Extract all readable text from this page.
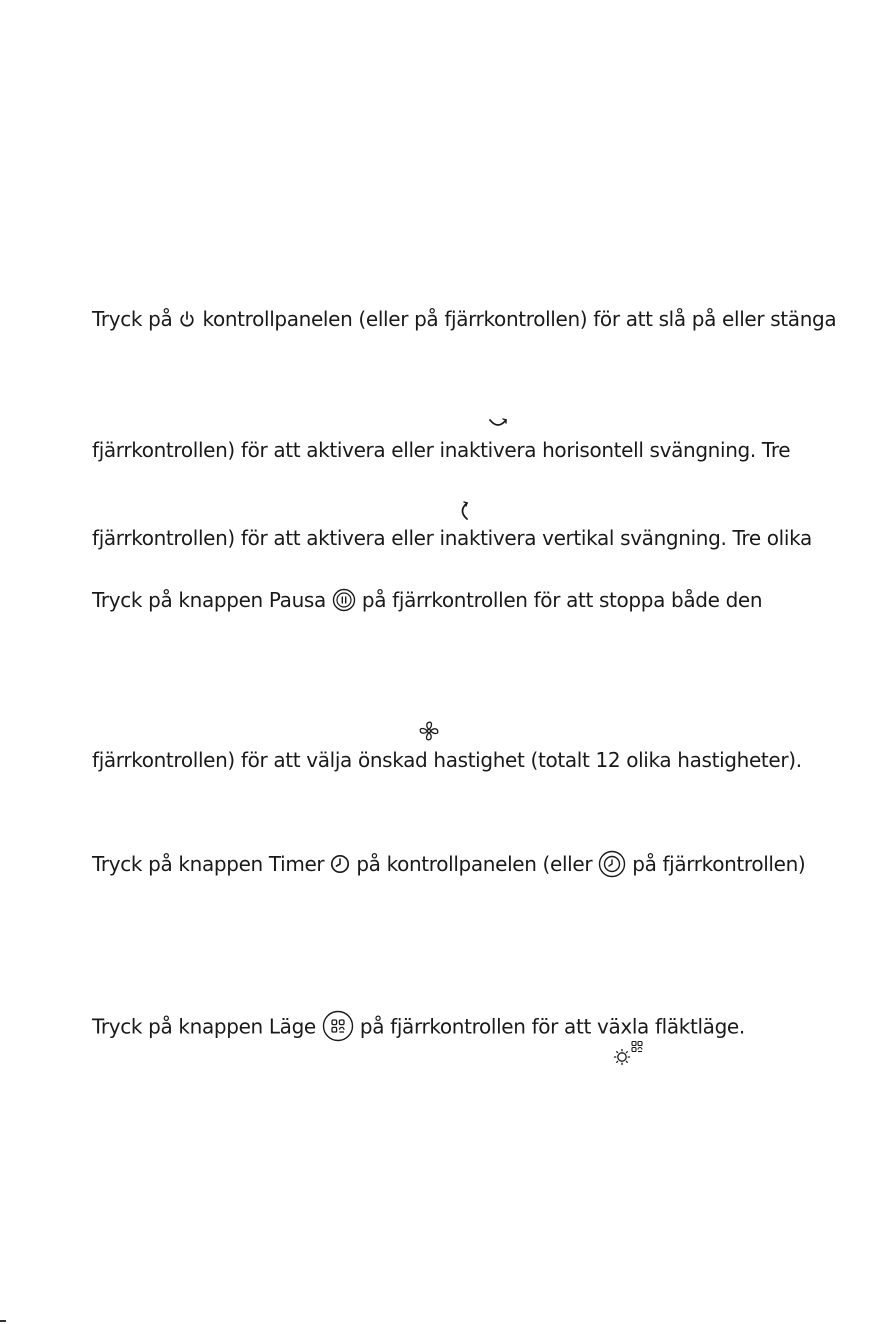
Tryck på
kontrollpanelen (eller på fjärrkontrollen) för att slå på eller stänga
fjärrkontrollen) för att aktivera eller inaktivera horisontell svängning. Tre
fjärrkontrollen) för att aktivera eller inaktivera vertikal svängning. Tre olika
Tryck på knappen Pausa
på fjärrkontrollen för att stoppa både den
fjärrkontrollen) för att välja önskad hastighet (totalt 12 olika hastigheter).
Tryck på knappen Timer
på kontrollpanelen (eller
på fjärrkontrollen)
Tryck på knappen Läge
på fjärrkontrollen för att växla fläktläge.
